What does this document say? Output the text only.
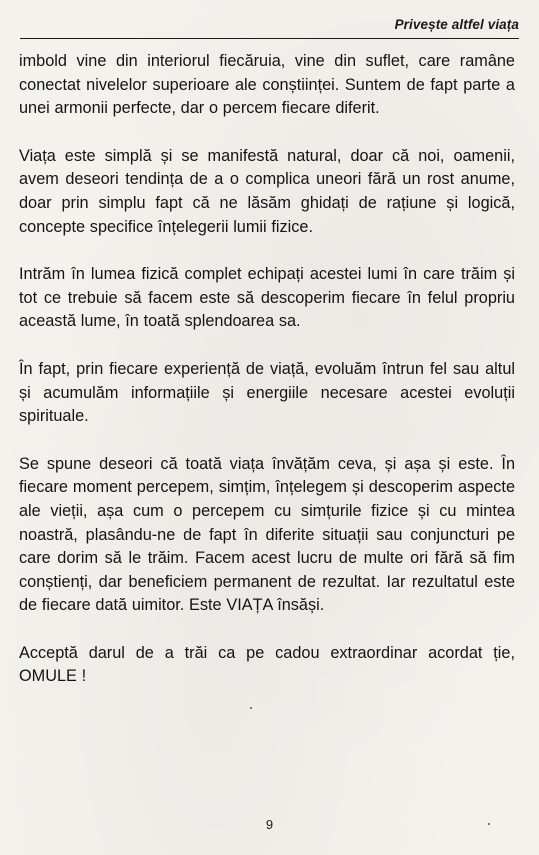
Privește altfel viața

imbold vine din interiorul fiecăruia, vine din suflet, care ramâne conectat nivelelor superioare ale conștiinței. Suntem de fapt parte a unei armonii perfecte, dar o percem fiecare diferit.

Viața este simplă și se manifestă natural, doar că noi, oamenii, avem deseori tendința de a o complica uneori fără un rost anume, doar prin simplu fapt că ne lăsăm ghidați de rațiune și logică, concepte specifice înțelegerii lumii fizice.

Intrăm în lumea fizică complet echipați acestei lumi în care trăim și tot ce trebuie să facem este să descoperim fiecare în felul propriu această lume, în toată splendoarea sa.

În fapt, prin fiecare experiență de viață, evoluăm întrun fel sau altul și acumulăm informațiile și energiile necesare acestei evoluții spirituale.

Se spune deseori că toată viața învățăm ceva, și așa și este. În fiecare moment percepem, simțim, înțelegem și descoperim aspecte ale vieții, așa cum o percepem cu simțurile fizice și cu mintea noastră, plasându-ne de fapt în diferite situații sau conjuncturi pe care dorim să le trăim. Facem acest lucru de multe ori fără să fim conștienți, dar beneficiem permanent de rezultat. Iar rezultatul este de fiecare dată uimitor. Este VIAȚA însăși.

Acceptă darul de a trăi ca pe cadou extraordinar acordat ție, OMULE !

9
